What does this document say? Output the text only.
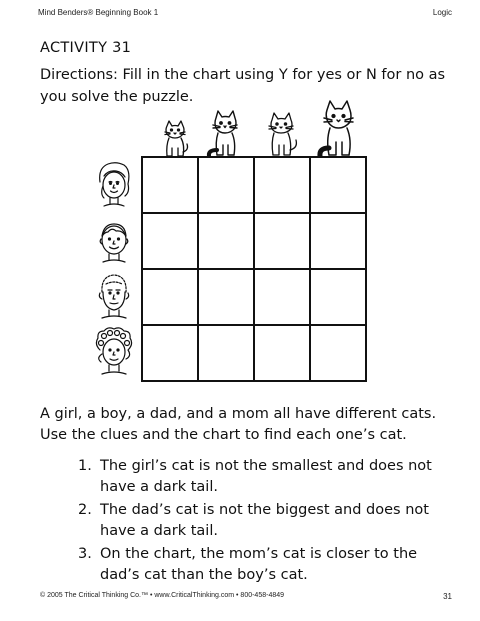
Mind Benders® Beginning Book 1	Logic
ACTIVITY 31
Directions: Fill in the chart using Y for yes or N for no as you solve the puzzle.

A girl, a boy, a dad, and a mom all have different cats. Use the clues and the chart to find each one’s cat.
1. The girl’s cat is not the smallest and does not have a dark tail.
2. The dad’s cat is not the biggest and does not have a dark tail.
3. On the chart, the mom’s cat is closer to the dad’s cat than the boy’s cat.
© 2005 The Critical Thinking Co.™ • www.CriticalThinking.com • 800-458-4849	31
